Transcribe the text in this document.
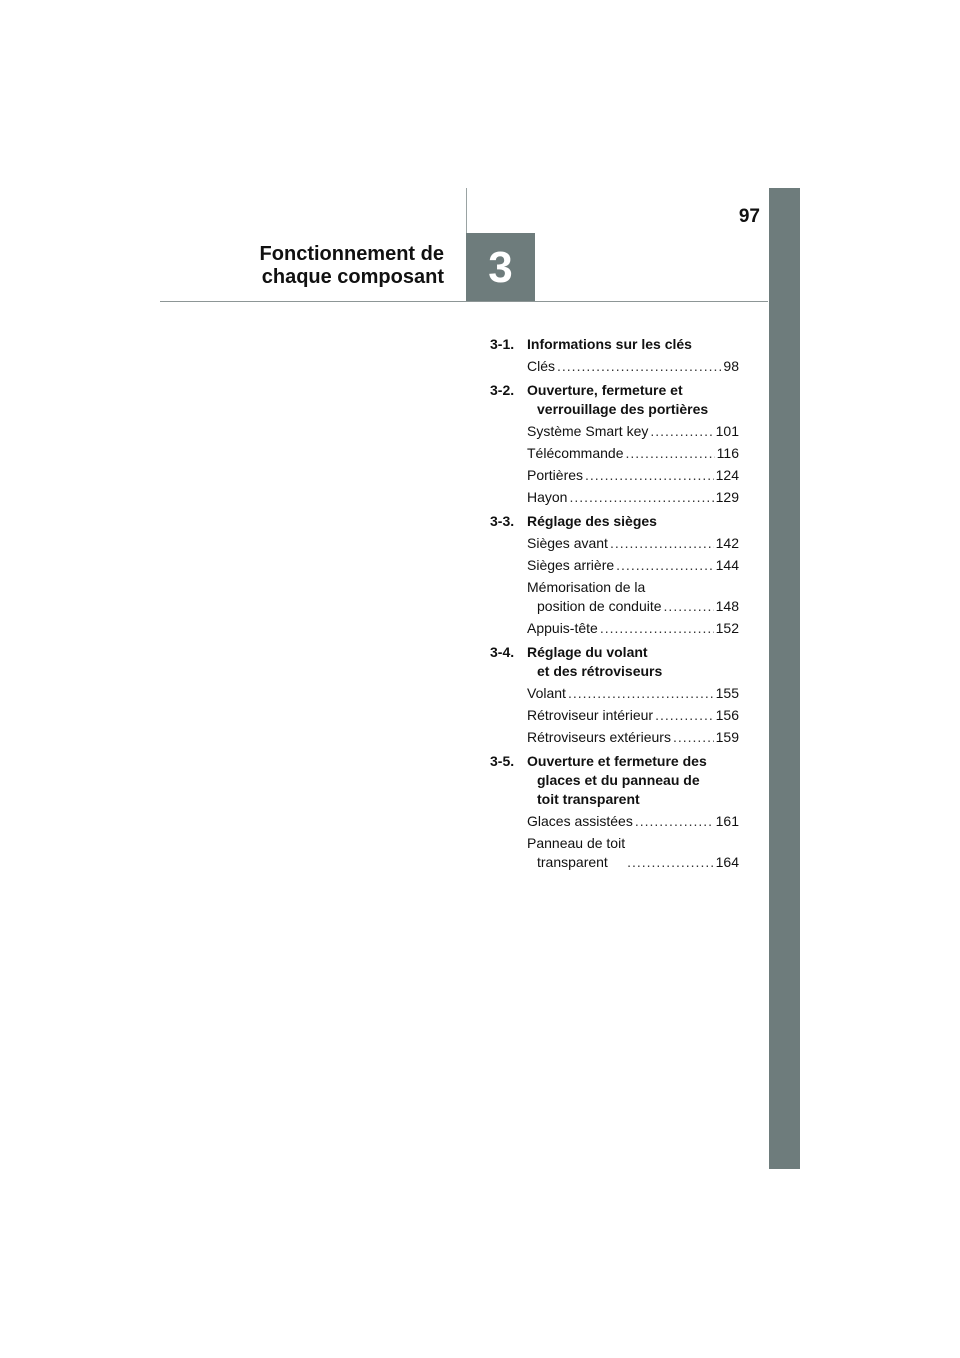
97
Fonctionnement de
chaque composant	3
3-1. Informations sur les clés
Clés .....	98
3-2. Ouverture, fermeture et
verrouillage des portières
Système Smart key .....	101
Télécommande .....	116
Portières .....	124
Hayon .....	129
3-3. Réglage des sièges
Sièges avant .....	142
Sièges arrière .....	144
Mémorisation de la
position de conduite .....	148
Appuis-tête .....	152
3-4. Réglage du volant
et des rétroviseurs
Volant .....	155
Rétroviseur intérieur .....	156
Rétroviseurs extérieurs .....	159
3-5. Ouverture et fermeture des
glaces et du panneau de
toit transparent
Glaces assistées .....	161
Panneau de toit
transparent .....	164
